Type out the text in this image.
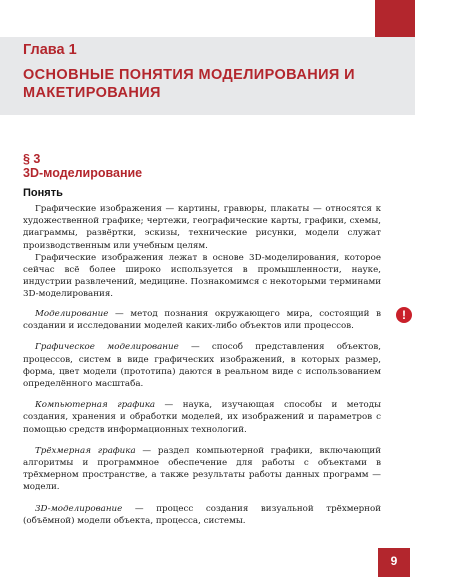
Глава 1
ОСНОВНЫЕ ПОНЯТИЯ МОДЕЛИРОВАНИЯ И МАКЕТИРОВАНИЯ
§ 3
3D-моделирование
Понять

Графические изображения — картины, гравюры, плакаты — относятся к художественной графике; чертежи, географические карты, графики, схемы, диаграммы, развёртки, эскизы, технические рисунки, модели служат производственным или учебным целям.

Графические изображения лежат в основе 3D-моделирования, которое сейчас всё более широко используется в промышленности, науке, индустрии развлечений, медицине. Познакомимся с некоторыми терминами 3D-моделирования.

!

Моделирование — метод познания окружающего мира, состоящий в создании и исследовании моделей каких-либо объектов или процессов.

Графическое моделирование — способ представления объектов, процессов, систем в виде графических изображений, в которых размер, форма, цвет модели (прототипа) даются в реальном виде с использованием определённого масштаба.

Компьютерная графика — наука, изучающая способы и методы создания, хранения и обработки моделей, их изображений и параметров с помощью средств информационных технологий.

Трёхмерная графика — раздел компьютерной графики, включающий алгоритмы и программное обеспечение для работы с объектами в трёхмерном пространстве, а также результаты работы данных программ — модели.

3D-моделирование — процесс создания визуальной трёхмерной (объёмной) модели объекта, процесса, системы.

9
